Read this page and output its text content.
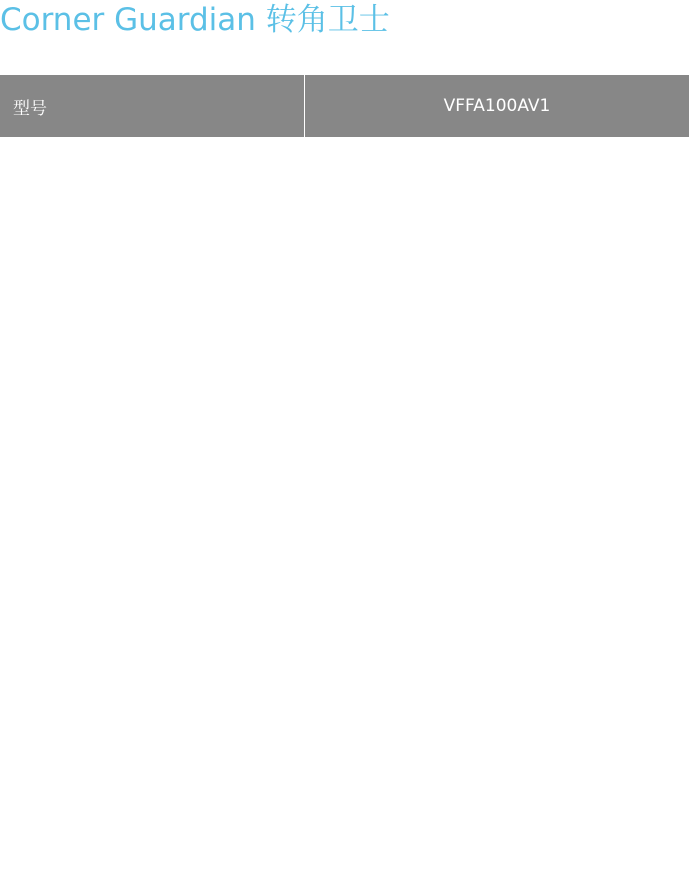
Corner Guardian 转角卫士
型号	VFFA100AV1
